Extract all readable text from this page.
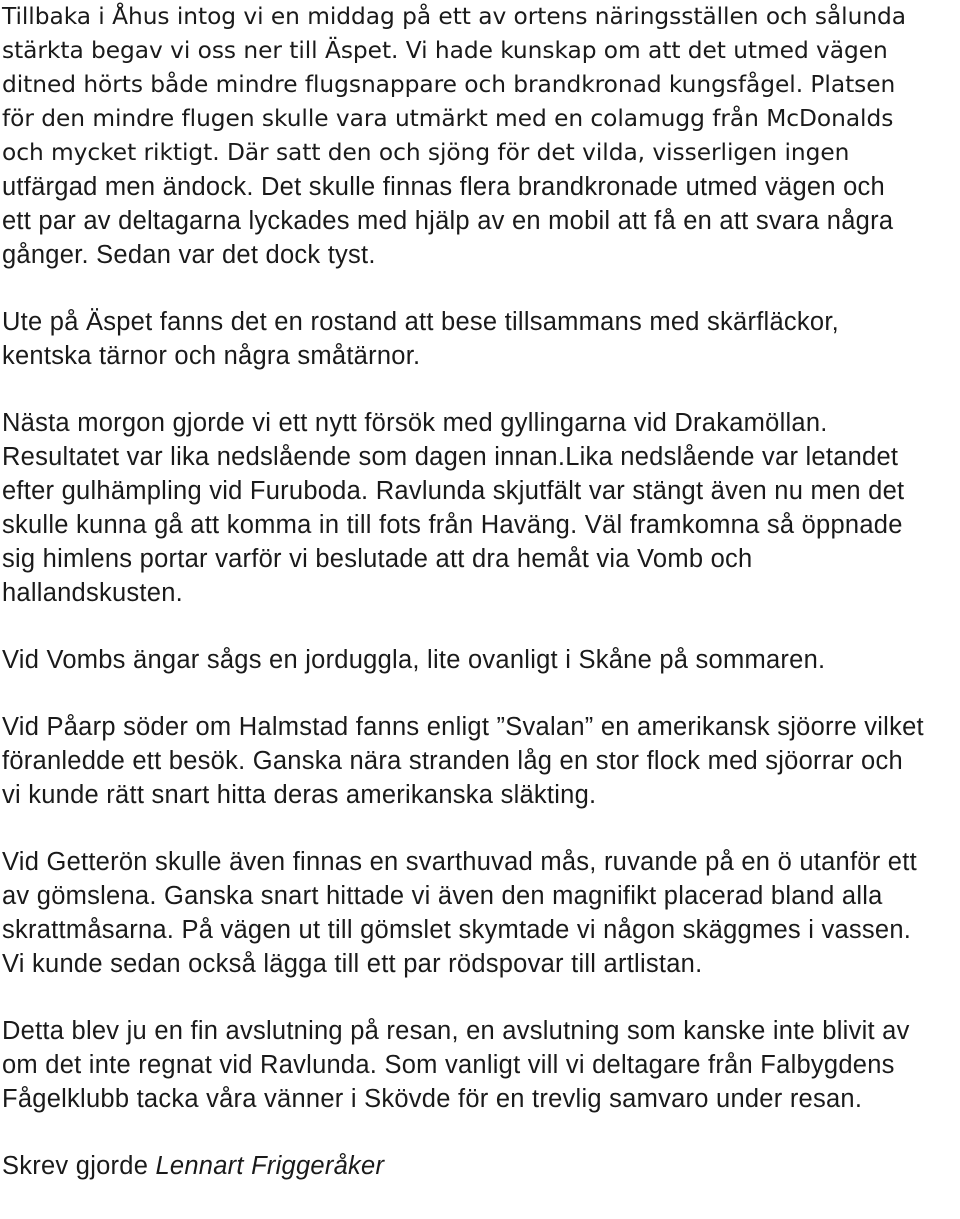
Tillbaka i Åhus intog vi en middag på ett av ortens näringsställen och sålunda
stärkta begav vi oss ner till Äspet. Vi hade kunskap om att det utmed vägen
ditned hörts både mindre flugsnappare och brandkronad kungsfågel. Platsen
för den mindre flugen skulle vara utmärkt med en colamugg från McDonalds
och mycket riktigt. Där satt den och sjöng för det vilda, visserligen ingen
utfärgad men ändock. Det skulle finnas flera brandkronade utmed vägen och
ett par av deltagarna lyckades med hjälp av en mobil att få en att svara några
gånger. Sedan var det dock tyst.
Ute på Äspet fanns det en rostand att bese tillsammans med skärfläckor,
kentska tärnor och några småtärnor.
Nästa morgon gjorde vi ett nytt försök med gyllingarna vid Drakamöllan.
Resultatet var lika nedslående som dagen innan.Lika nedslående var letandet
efter gulhämpling vid Furuboda. Ravlunda skjutfält var stängt även nu men det
skulle kunna gå att komma in till fots från Haväng. Väl framkomna så öppnade
sig himlens portar varför vi beslutade att dra hemåt via Vomb och
hallandskusten.
Vid Vombs ängar sågs en jorduggla, lite ovanligt i Skåne på sommaren.
Vid Påarp söder om Halmstad fanns enligt ”Svalan” en amerikansk sjöorre vilket
föranledde ett besök. Ganska nära stranden låg en stor flock med sjöorrar och
vi kunde rätt snart hitta deras amerikanska släkting.
Vid Getterön skulle även finnas en svarthuvad mås, ruvande på en ö utanför ett
av gömslena. Ganska snart hittade vi även den magnifikt placerad bland alla
skrattmåsarna. På vägen ut till gömslet skymtade vi någon skäggmes i vassen.
Vi kunde sedan också lägga till ett par rödspovar till artlistan.
Detta blev ju en fin avslutning på resan, en avslutning som kanske inte blivit av
om det inte regnat vid Ravlunda. Som vanligt vill vi deltagare från Falbygdens
Fågelklubb tacka våra vänner i Skövde för en trevlig samvaro under resan.
Skrev gjorde Lennart Friggeråker
